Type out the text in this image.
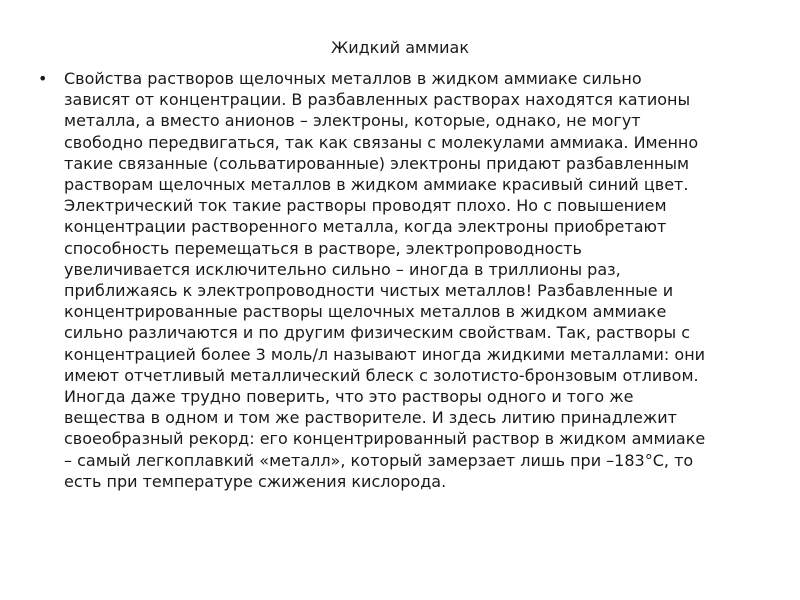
Жидкий аммиак
• Свойства растворов щелочных металлов в жидком аммиаке сильно
зависят от концентрации. В разбавленных растворах находятся катионы
металла, а вместо анионов – электроны, которые, однако, не могут
свободно передвигаться, так как связаны с молекулами аммиака. Именно
такие связанные (сольватированные) электроны придают разбавленным
растворам щелочных металлов в жидком аммиаке красивый синий цвет.
Электрический ток такие растворы проводят плохо. Но с повышением
концентрации растворенного металла, когда электроны приобретают
способность перемещаться в растворе, электропроводность
увеличивается исключительно сильно – иногда в триллионы раз,
приближаясь к электропроводности чистых металлов! Разбавленные и
концентрированные растворы щелочных металлов в жидком аммиаке
сильно различаются и по другим физическим свойствам. Так, растворы с
концентрацией более 3 моль/л называют иногда жидкими металлами: они
имеют отчетливый металлический блеск с золотисто-бронзовым отливом.
Иногда даже трудно поверить, что это растворы одного и того же
вещества в одном и том же растворителе. И здесь литию принадлежит
своеобразный рекорд: его концентрированный раствор в жидком аммиаке
– самый легкоплавкий «металл», который замерзает лишь при –183°С, то
есть при температуре сжижения кислорода.
